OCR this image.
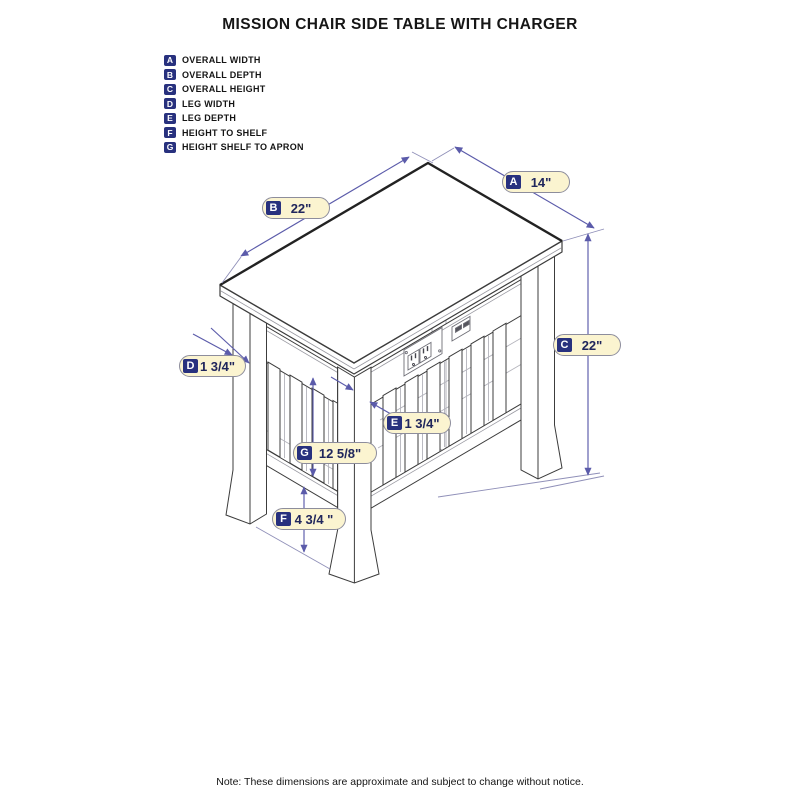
MISSION CHAIR SIDE TABLE WITH CHARGER
A OVERALL WIDTH
B OVERALL DEPTH
C OVERALL HEIGHT
D LEG WIDTH
E	LEG DEPTH
F	HEIGHT TO SHELF
G HEIGHT SHELF TO APRON
A	14"
B	22"
C	22"
D 1 3/4"
E 1 3/4"
G 12 5/8"
F 4 3/4 "
Note: These dimensions are approximate and subject to change without notice.
